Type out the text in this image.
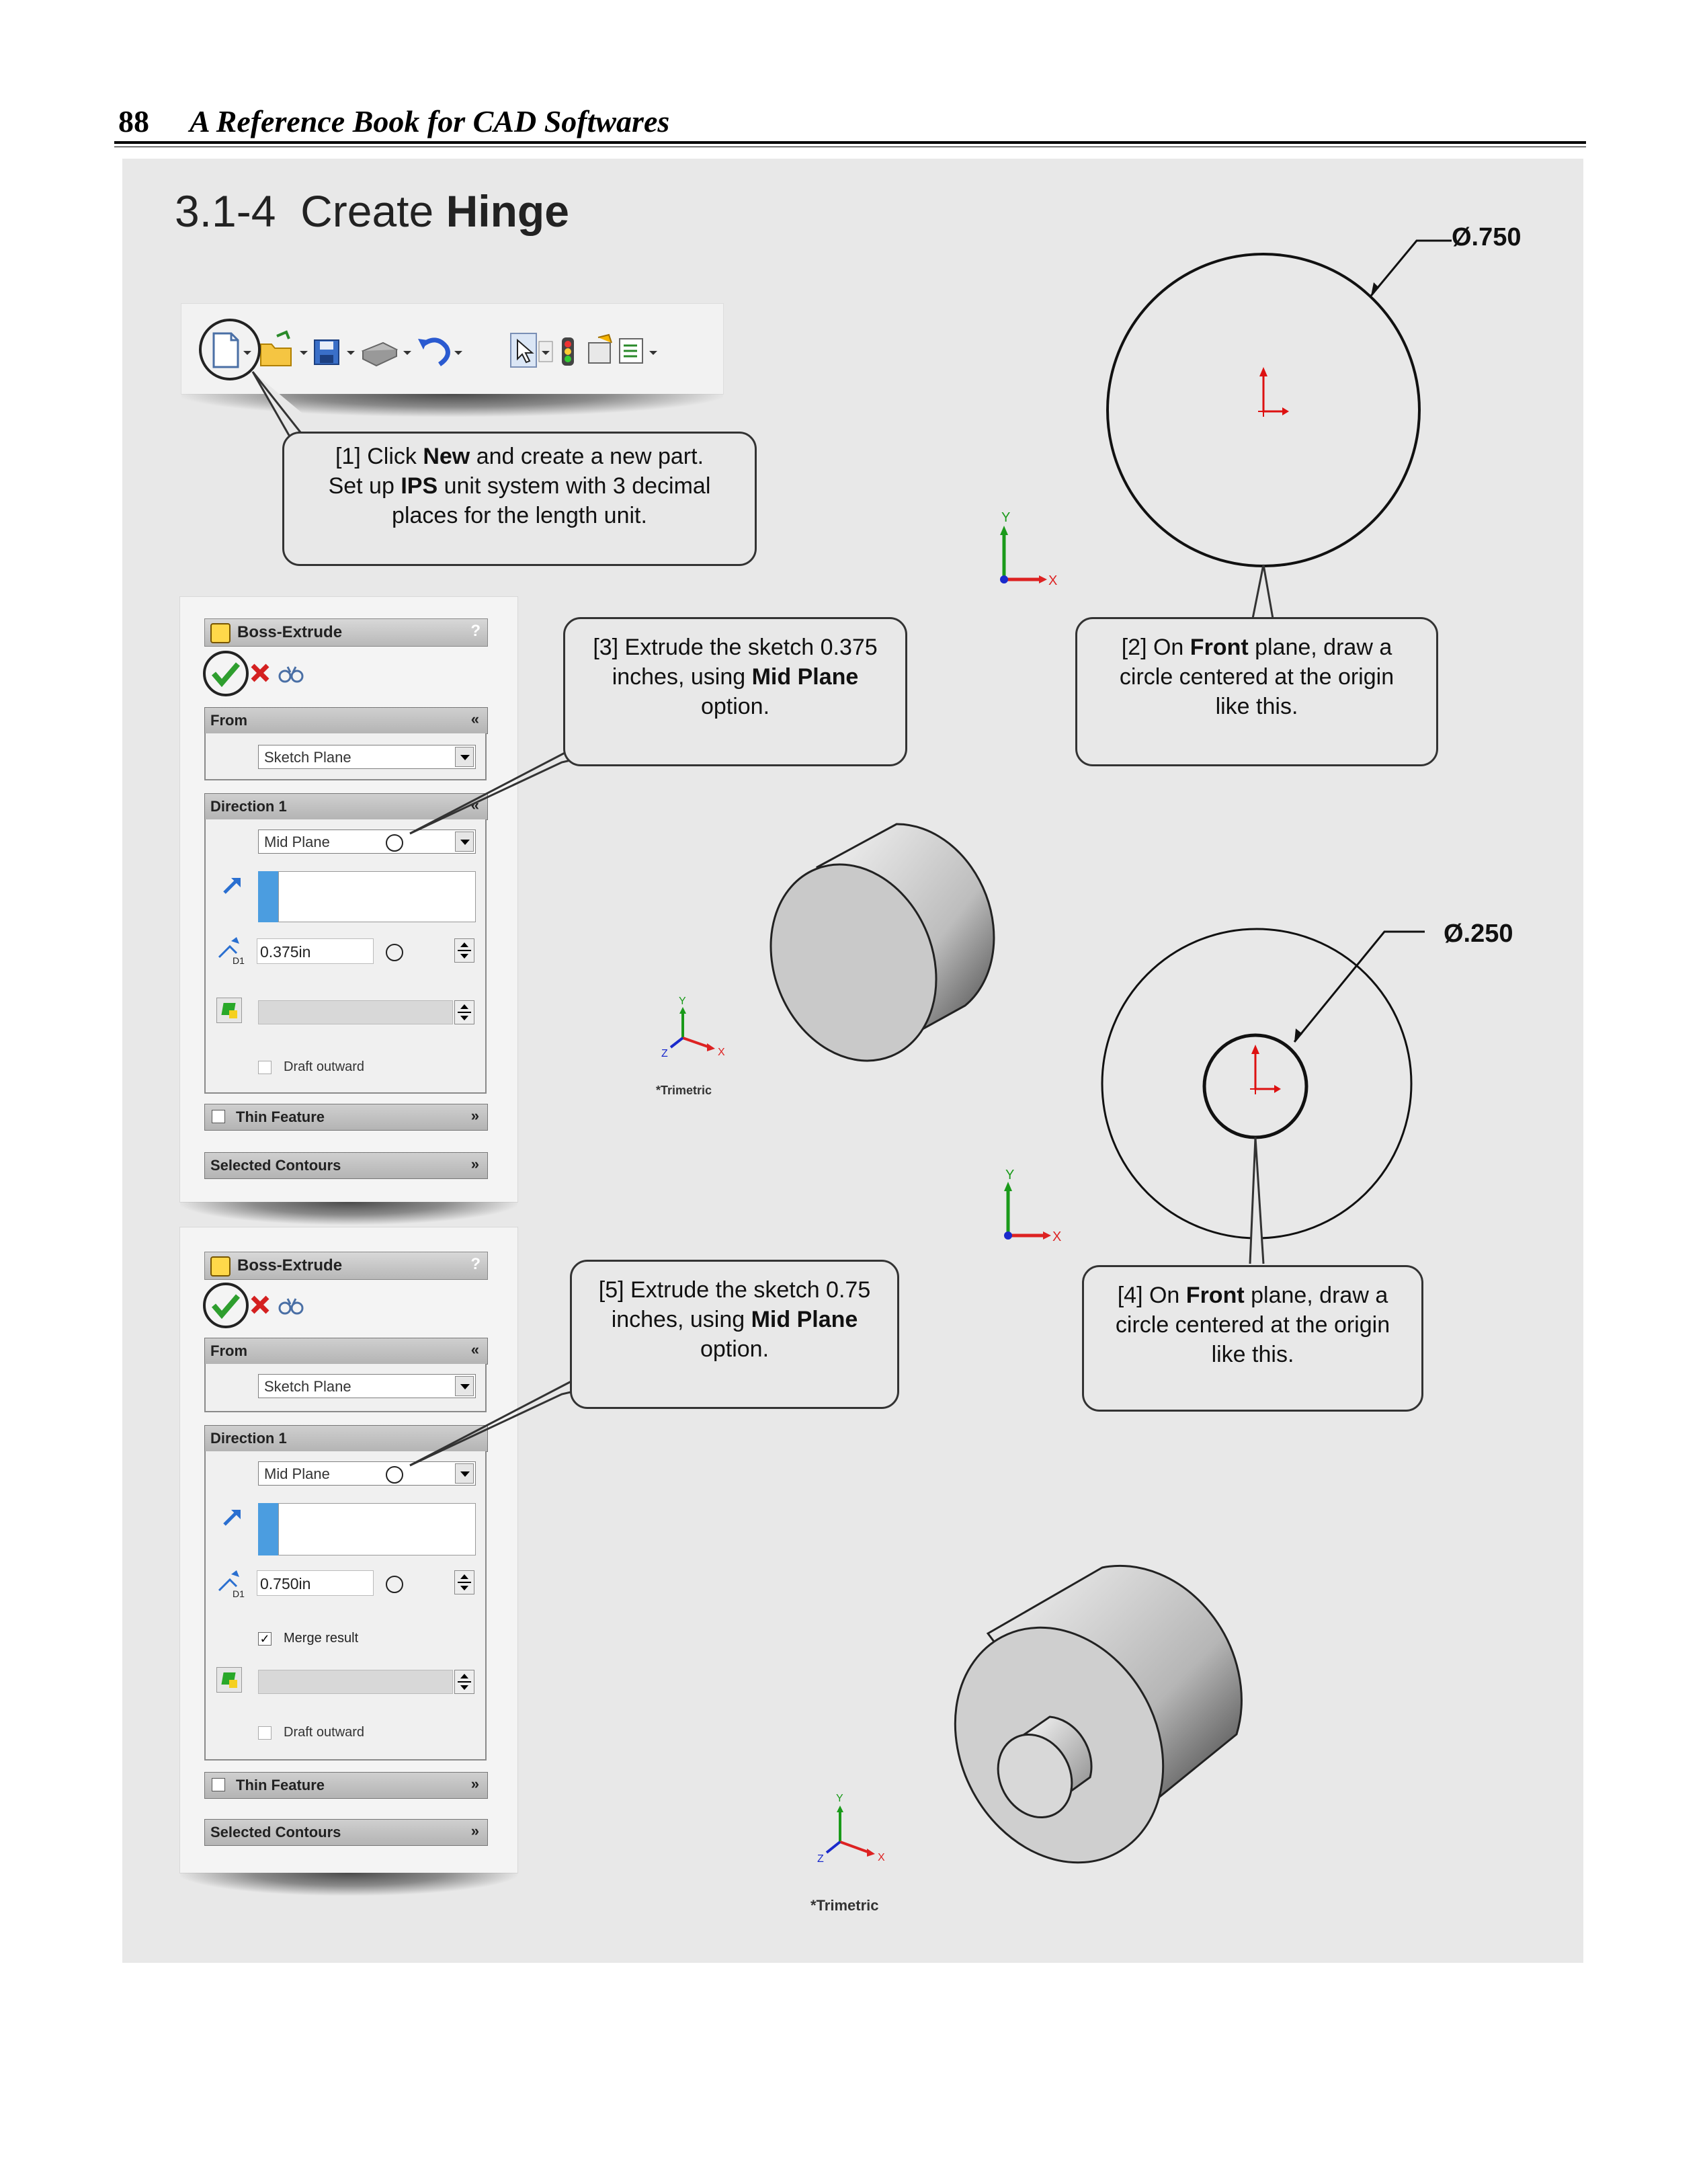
88 A Reference Book for CAD Softwares
3.1-4 Create Hinge
[1] Click New and create a new part.
Set up IPS unit system with 3 decimal
places for the length unit.	Y
X
Ø.750
[2] On Front plane, draw a
circle centered at the origin
like this.
Boss-Extrude	?
From	«
Sketch Plane
Direction 1	«
Mid Plane
D1 0.375in
Draft outward
Thin Feature	»
Selected Contours	»
[3] Extrude the sketch 0.375
inches, using Mid Plane
option.
Y
X
Z
*Trimetric
Y
X
Ø.250
[4] On Front plane, draw a
circle centered at the origin
like this.
Boss-Extrude	?
From	«
Sketch Plane
Direction 1
Mid Plane
D1
0.750in
✓ Merge result
Draft outward
Thin Feature	»
Selected Contours	»
[5] Extrude the sketch 0.75
inches, using Mid Plane
option.
Y
X
Z
*Trimetric
